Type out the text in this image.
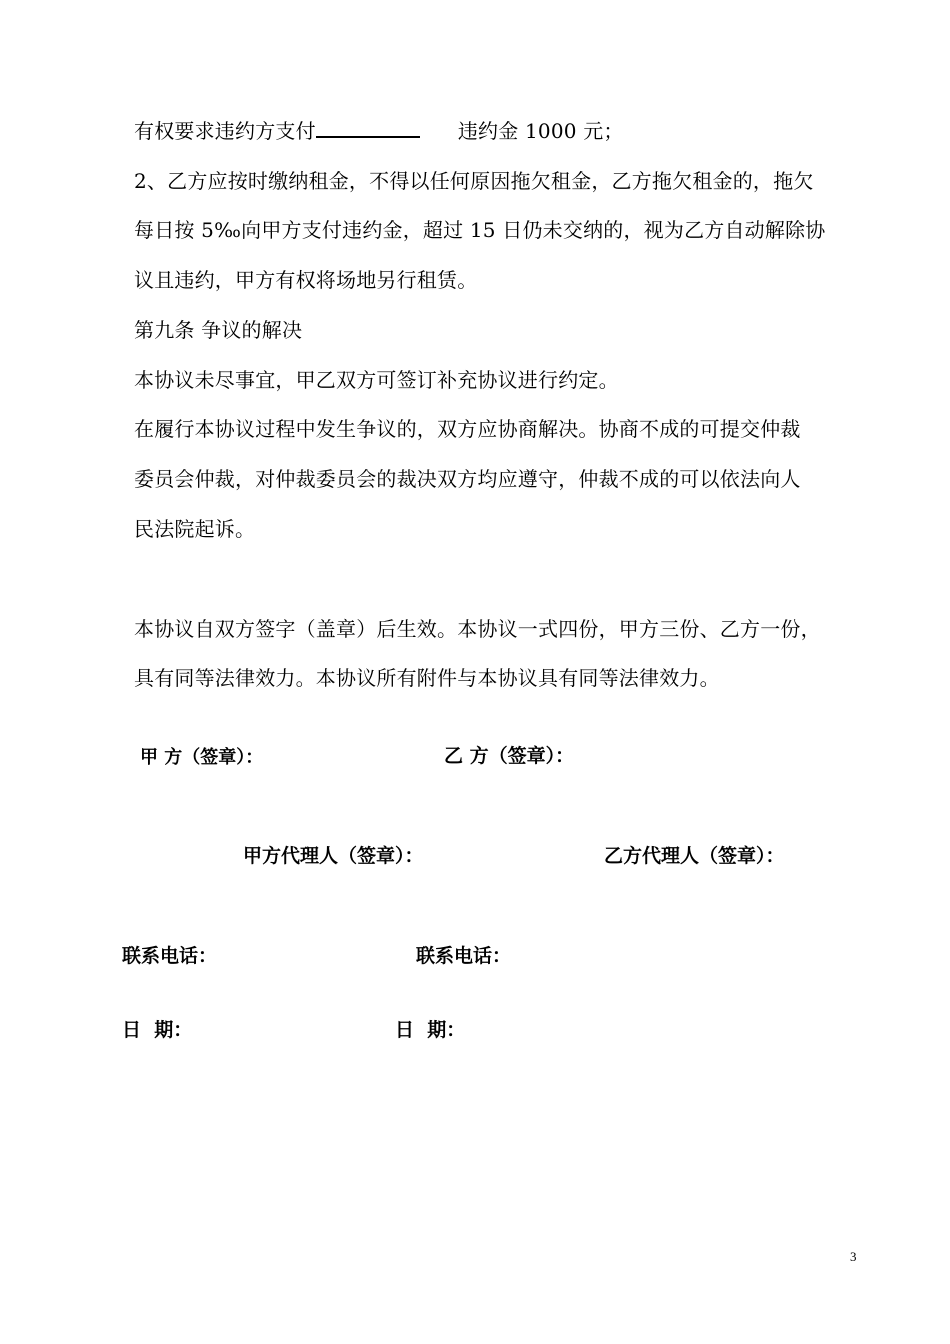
有权要求违约方支付	违约金 1000 元；
2、乙方应按时缴纳租金，不得以任何原因拖欠租金，乙方拖欠租金的，拖欠
每日按 5‰向甲方支付违约金，超过 15 日仍未交纳的，视为乙方自动解除协
议且违约，甲方有权将场地另行租赁。
第九条 争议的解决
本协议未尽事宜，甲乙双方可签订补充协议进行约定。
在履行本协议过程中发生争议的，双方应协商解决。协商不成的可提交仲裁
委员会仲裁，对仲裁委员会的裁决双方均应遵守，仲裁不成的可以依法向人
民法院起诉。
本协议自双方签字（盖章）后生效。本协议一式四份，甲方三份、乙方一份，
具有同等法律效力。本协议所有附件与本协议具有同等法律效力。
甲 方（签章）：	乙 方（签章）：
甲方代理人（签章）：	乙方代理人（签章）：
联系电话：	联系电话：
日  期：	日  期：
3
